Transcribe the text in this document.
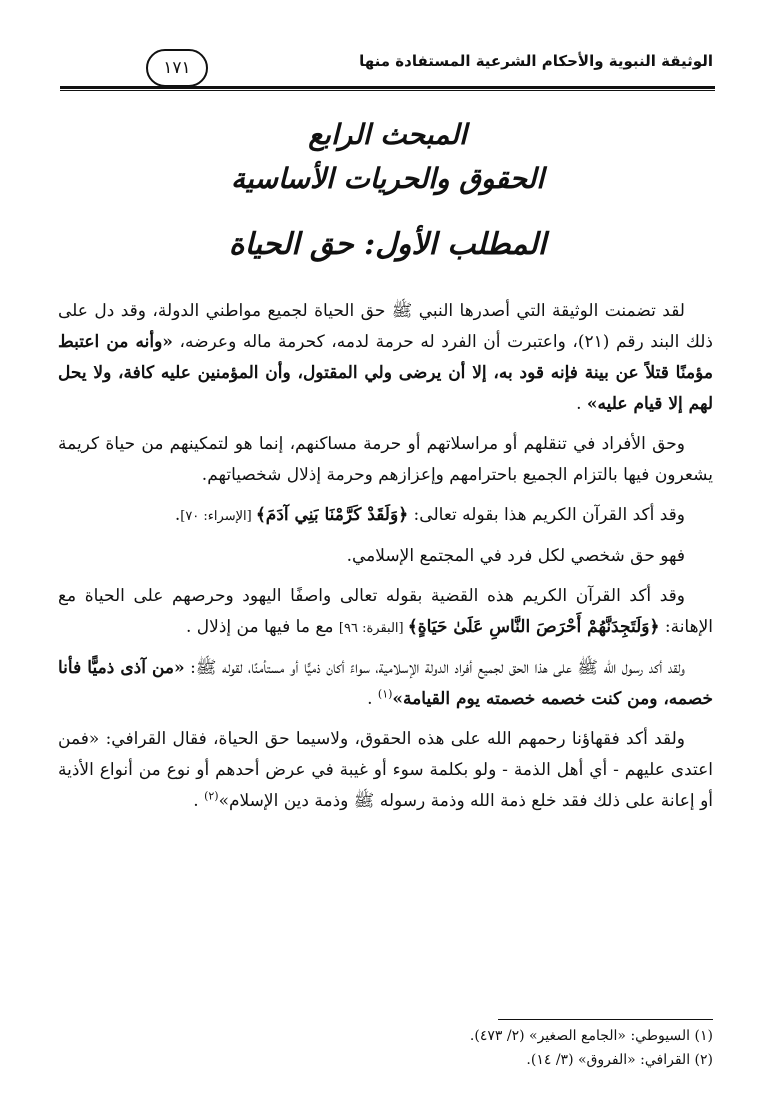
الوثيقة النبوية والأحكام الشرعية المستفادة منها
١٧١
المبحث الرابع
الحقوق والحريات الأساسية
المطلب الأول: حق الحياة

لقد تضمنت الوثيقة التي أصدرها النبي ﷺ حق الحياة لجميع مواطني الدولة، وقد دل على ذلك البند رقم (٢١)، واعتبرت أن الفرد له حرمة لدمه، كحرمة ماله وعرضه، «وأنه من اعتبط مؤمنًا قتلاً عن بينة فإنه قود به، إلا أن يرضى ولي المقتول، وأن المؤمنين عليه كافة، ولا يحل لهم إلا قيام عليه» .

وحق الأفراد في تنقلهم أو مراسلاتهم أو حرمة مساكنهم، إنما هو لتمكينهم من حياة كريمة يشعرون فيها بالتزام الجميع باحترامهم وإعزازهم وحرمة إذلال شخصياتهم.

وقد أكد القرآن الكريم هذا بقوله تعالى: ﴿وَلَقَدْ كَرَّمْنَا بَنِي آدَمَ﴾ [الإسراء: ٧٠].

فهو حق شخصي لكل فرد في المجتمع الإسلامي.

وقد أكد القرآن الكريم هذه القضية بقوله تعالى واصفًا اليهود وحرصهم على الحياة مع الإهانة: ﴿وَلَتَجِدَنَّهُمْ أَحْرَصَ النَّاسِ عَلَىٰ حَيَاةٍ﴾ [البقرة: ٩٦] مع ما فيها من إذلال .

ولقد أكد رسول الله ﷺ على هذا الحق لجميع أفراد الدولة الإسلامية، سواءً أكان ذميًّا أو مستأمنًا، لقوله ﷺ: «من آذى ذميًّا فأنا خصمه، ومن كنت خصمه خصمته يوم القيامة»$^{(١)}$ .

ولقد أكد فقهاؤنا رحمهم الله على هذه الحقوق، ولاسيما حق الحياة، فقال القرافي: «فمن اعتدى عليهم - أي أهل الذمة - ولو بكلمة سوء أو غيبة في عرض أحدهم أو نوع من أنواع الأذية أو إعانة على ذلك فقد خلع ذمة الله وذمة رسوله ﷺ وذمة دين الإسلام»$^{(٢)}$ .

(١) السيوطي: «الجامع الصغير» (٢/ ٤٧٣).
(٢) القرافي: «الفروق» (٣/ ١٤).
